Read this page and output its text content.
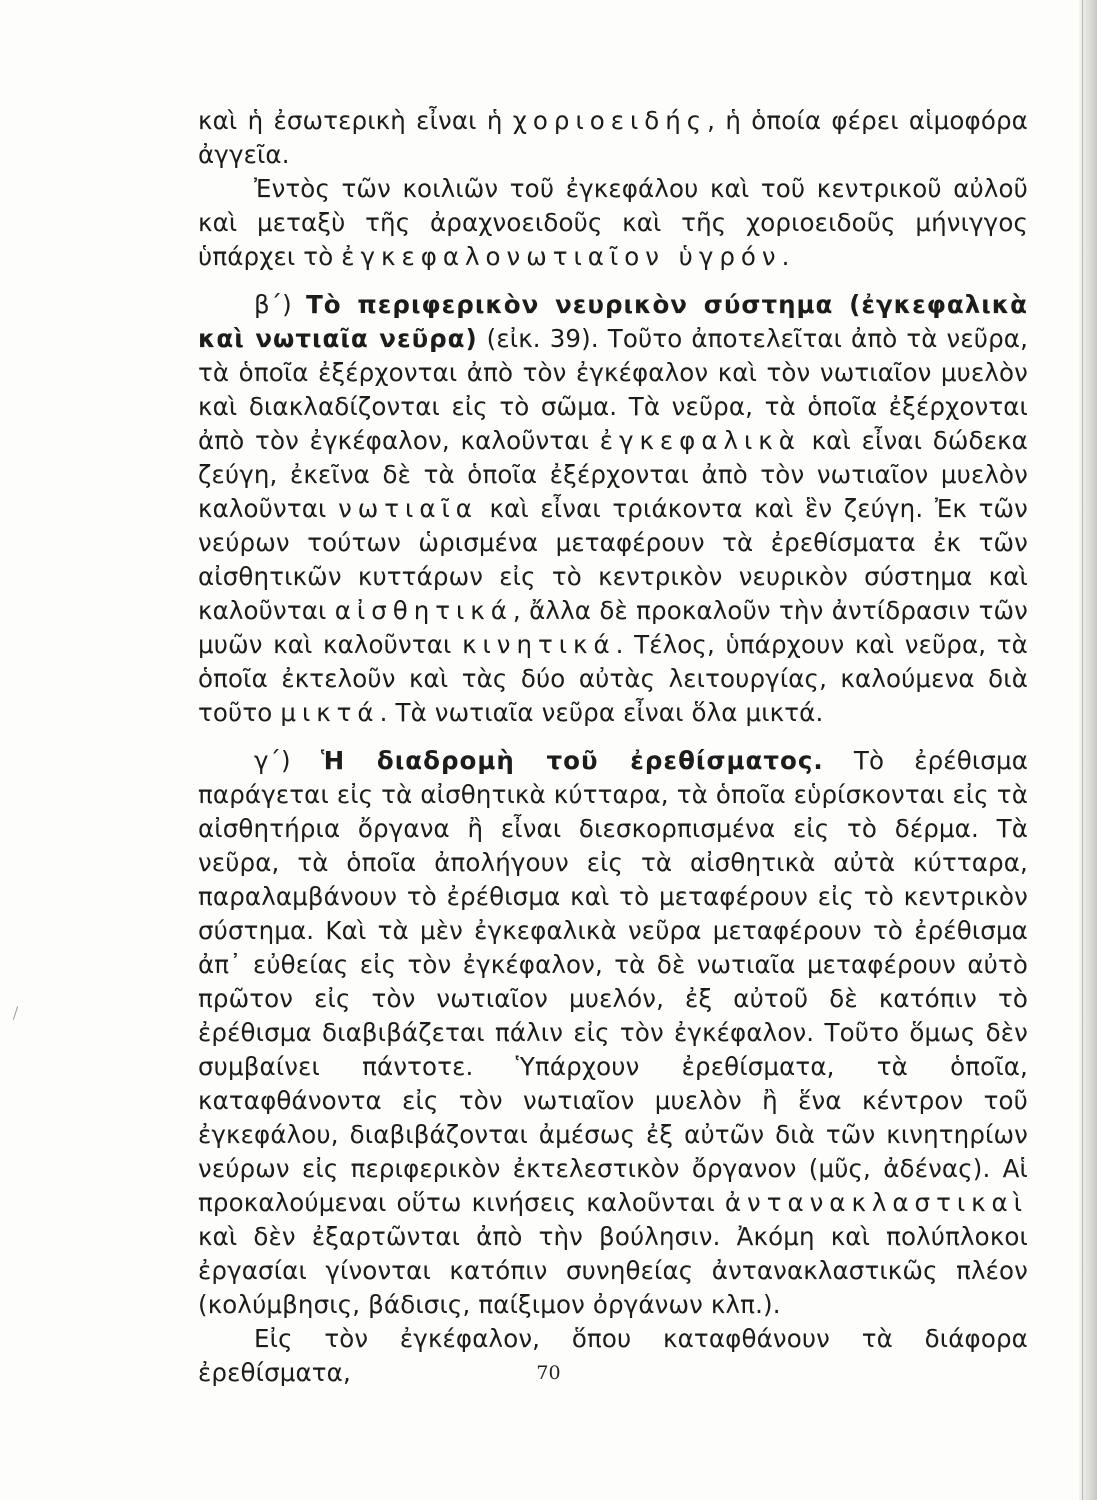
καὶ ἡ ἐσωτερικὴ εἶναι ἡ χοριοειδής, ἡ ὁποία φέρει αἱμοφόρα ἀγγεῖα.

Ἐντὸς τῶν κοιλιῶν τοῦ ἐγκεφάλου καὶ τοῦ κεντρικοῦ αὐλοῦ καὶ μεταξὺ τῆς ἀραχνοειδοῦς καὶ τῆς χοριοειδοῦς μήνιγγος ὑπάρχει τὸ ἐγκεφαλονωτιαῖον ὑγρόν.

β΄) Τὸ περιφερικὸν νευρικὸν σύστημα (ἐγκεφαλικὰ καὶ νωτιαῖα νεῦρα) (εἰκ. 39). Τοῦτο ἀποτελεῖται ἀπὸ τὰ νεῦρα, τὰ ὁποῖα ἐξέρχονται ἀπὸ τὸν ἐγκέφαλον καὶ τὸν νωτιαῖον μυελὸν καὶ διακλαδίζονται εἰς τὸ σῶμα. Τὰ νεῦρα, τὰ ὁποῖα ἐξέρχονται ἀπὸ τὸν ἐγκέφαλον, καλοῦνται ἐγκεφαλικὰ καὶ εἶναι δώδεκα ζεύγη, ἐκεῖνα δὲ τὰ ὁποῖα ἐξέρχονται ἀπὸ τὸν νωτιαῖον μυελὸν καλοῦνται νωτιαῖα καὶ εἶναι τριάκοντα καὶ ἓν ζεύγη. Ἐκ τῶν νεύρων τούτων ὡρισμένα μεταφέρουν τὰ ἐρεθίσματα ἐκ τῶν αἰσθητικῶν κυττάρων εἰς τὸ κεντρικὸν νευρικὸν σύστημα καὶ καλοῦνται αἰσθητικά, ἄλλα δὲ προκαλοῦν τὴν ἀντίδρασιν τῶν μυῶν καὶ καλοῦνται κινητικά. Τέλος, ὑπάρχουν καὶ νεῦρα, τὰ ὁποῖα ἐκτελοῦν καὶ τὰς δύο αὐτὰς λειτουργίας, καλούμενα διὰ τοῦτο μικτά. Τὰ νωτιαῖα νεῦρα εἶναι ὅλα μικτά.

γ΄) Ἡ διαδρομὴ τοῦ ἐρεθίσματος. Τὸ ἐρέθισμα παράγεται εἰς τὰ αἰσθητικὰ κύτταρα, τὰ ὁποῖα εὑρίσκονται εἰς τὰ αἰσθητήρια ὄργανα ἢ εἶναι διεσκορπισμένα εἰς τὸ δέρμα. Τὰ νεῦρα, τὰ ὁποῖα ἀπολήγουν εἰς τὰ αἰσθητικὰ αὐτὰ κύτταρα, παραλαμβάνουν τὸ ἐρέθισμα καὶ τὸ μεταφέρουν εἰς τὸ κεντρικὸν σύστημα. Καὶ τὰ μὲν ἐγκεφαλικὰ νεῦρα μεταφέρουν τὸ ἐρέθισμα ἀπ᾿ εὐθείας εἰς τὸν ἐγκέφαλον, τὰ δὲ νωτιαῖα μεταφέρουν αὐτὸ πρῶτον εἰς τὸν νωτιαῖον μυελόν, ἐξ αὐτοῦ δὲ κατόπιν τὸ ἐρέθισμα διαβιβάζεται πάλιν εἰς τὸν ἐγκέφαλον. Τοῦτο ὅμως δὲν συμβαίνει πάντοτε. Ὑπάρχουν ἐρεθίσματα, τὰ ὁποῖα, καταφθάνοντα εἰς τὸν νωτιαῖον μυελὸν ἢ ἕνα κέντρον τοῦ ἐγκεφάλου, διαβιβάζονται ἀμέσως ἐξ αὐτῶν διὰ τῶν κινητηρίων νεύρων εἰς περιφερικὸν ἐκτελεστικὸν ὄργανον (μῦς, ἀδένας). Αἱ προκαλούμεναι οὕτω κινήσεις καλοῦνται ἀντανακλαστικαὶ καὶ δὲν ἐξαρτῶνται ἀπὸ τὴν βούλησιν. Ἀκόμη καὶ πολύπλοκοι ἐργασίαι γίνονται κατόπιν συνηθείας ἀντανακλαστικῶς πλέον (κολύμβησις, βάδισις, παίξιμον ὀργάνων κλπ.).

Εἰς τὸν ἐγκέφαλον, ὅπου καταφθάνουν τὰ διάφορα ἐρεθίσματα,	70
